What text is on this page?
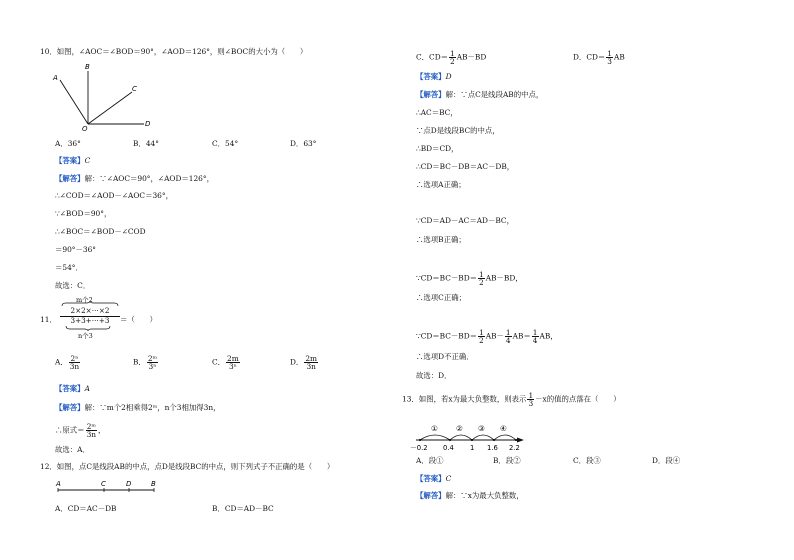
10．如图，∠AOC＝∠BOD＝90°，∠AOD＝126°，则∠BOC的大小为（　　）
A
B
C
D
O
A．36°	B．44°	C．54°	D．63°
【答案】C
【解答】解：∵∠AOC＝90°，∠AOD＝126°，
∴∠COD＝∠AOD－∠AOC＝36°，
∵∠BOD＝90°，
∴∠BOC＝∠BOD－∠COD
＝90°－36°
＝54°．
故选：C．
11．
m个2
2×2×⋯×2
3+3+⋯+3
n个3
＝（　　）
A． $\frac{\text{2ⁿ}}{3n}$	B． $\frac{\text{2ᵐ}}{\text{3ⁿ}}$	C． $\frac{2m}{\text{3ⁿ}}$	D． $\frac{2m}{3n}$
【答案】A
【解答】解：∵m个2相乘得2ᵐ，n个3相加得3n，
∴原式＝ $\frac{\text{2ᵐ}}{3n}$ ，
故选：A．
12．如图，点C是线段AB的中点，点D是线段BC的中点，则下列式子不正确的是（　　）
A	C	D	B
A．CD＝AC－DB	B．CD＝AD－BC
C．$CD= \frac{1}{2} AB-BD$	D．$CD= \frac{1}{3}$ AB
【答案】D
【解答】解：∵点C是线段AB的中点，
∴AC＝BC，
∵点D是线段BC的中点，
∴BD＝CD，
∴CD＝BC－DB＝AC－DB，
∴选项A正确；
∵CD＝AD－AC＝AD－BC，
∴选项B正确；
∵CD＝BC－BD＝ $\frac{1}{2} AB-BD$，
∴选项C正确；
∵CD＝BC－BD＝ $\frac{1}{2} AB- \frac{1}{4} AB= \frac{1}{4}$ AB，
∴选项D不正确．
故选：D．
13．如图，若x为最大负整数，则表示 $\frac{1}{3} -x$的值的点落在（　　）
① ② ③ ④
－0.2 0.4 1 1.6 2.2
A．段①	B．段②	C．段③	D．段④
【答案】C
【解答】解：∵x为最大负整数，
